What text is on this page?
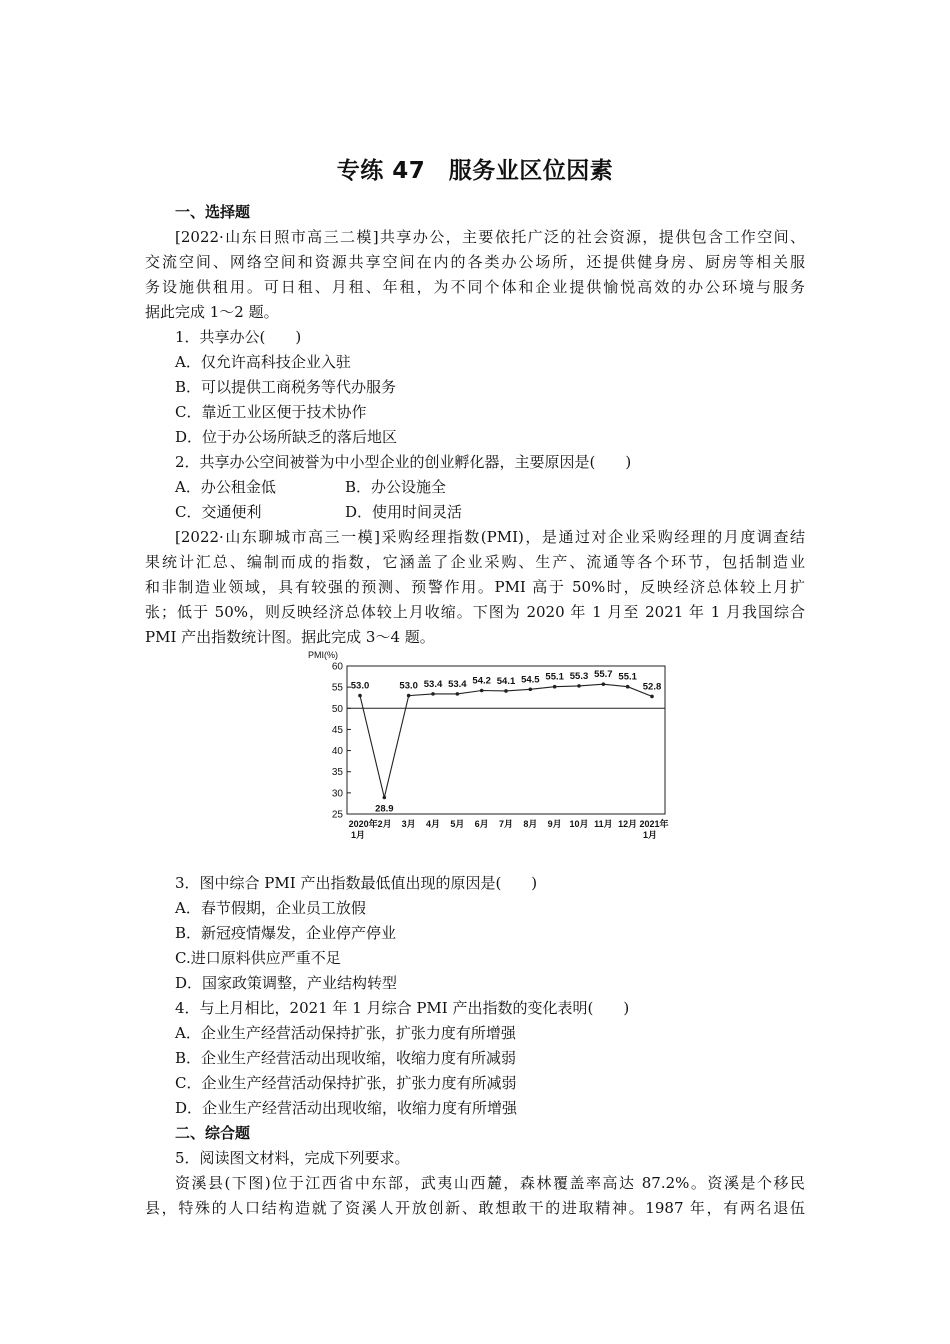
专练 47　服务业区位因素
一、选择题
[2022·山东日照市高三二模]共享办公，主要依托广泛的社会资源，提供包含工作空间、
交流空间、网络空间和资源共享空间在内的各类办公场所，还提供健身房、厨房等相关服
务设施供租用。可日租、月租、年租，为不同个体和企业提供愉悦高效的办公环境与服务
据此完成 1～2 题。
1．共享办公(　　)
A．仅允许高科技企业入驻
B．可以提供工商税务等代办服务
C．靠近工业区便于技术协作
D．位于办公场所缺乏的落后地区
2．共享办公空间被誉为中小型企业的创业孵化器，主要原因是(　　)
A．办公租金低	B．办公设施全
C．交通便利	D．使用时间灵活
[2022·山东聊城市高三一模]采购经理指数(PMI)，是通过对企业采购经理的月度调查结
果统计汇总、编制而成的指数，它涵盖了企业采购、生产、流通等各个环节，包括制造业
和非制造业领域，具有较强的预测、预警作用。PMI 高于 50%时，反映经济总体较上月扩
张；低于 50%，则反映经济总体较上月收缩。下图为 2020 年 1 月至 2021 年 1 月我国综合
PMI 产出指数统计图。据此完成 3～4 题。
PMI(%)
25
30
35
40
45
50
55
60
53.0
28.9
53.0 53.4 53.4 54.2 54.1 54.5 55.1 55.3 55.7 55.1
52.8
2020年2月 3月 4月 5月 6月 7月 8月 9月 10月 11月 12月 2021年
1月	1月
3．图中综合 PMI 产出指数最低值出现的原因是(　　)
A．春节假期，企业员工放假
B．新冠疫情爆发，企业停产停业
C.进口原料供应严重不足
D．国家政策调整，产业结构转型
4．与上月相比，2021 年 1 月综合 PMI 产出指数的变化表明(　　)
A．企业生产经营活动保持扩张，扩张力度有所增强
B．企业生产经营活动出现收缩，收缩力度有所减弱
C．企业生产经营活动保持扩张，扩张力度有所减弱
D．企业生产经营活动出现收缩，收缩力度有所增强
二、综合题
5．阅读图文材料，完成下列要求。
资溪县(下图)位于江西省中东部，武夷山西麓，森林覆盖率高达 87.2%。资溪是个移民
县，特殊的人口结构造就了资溪人开放创新、敢想敢干的进取精神。1987 年，有两名退伍
